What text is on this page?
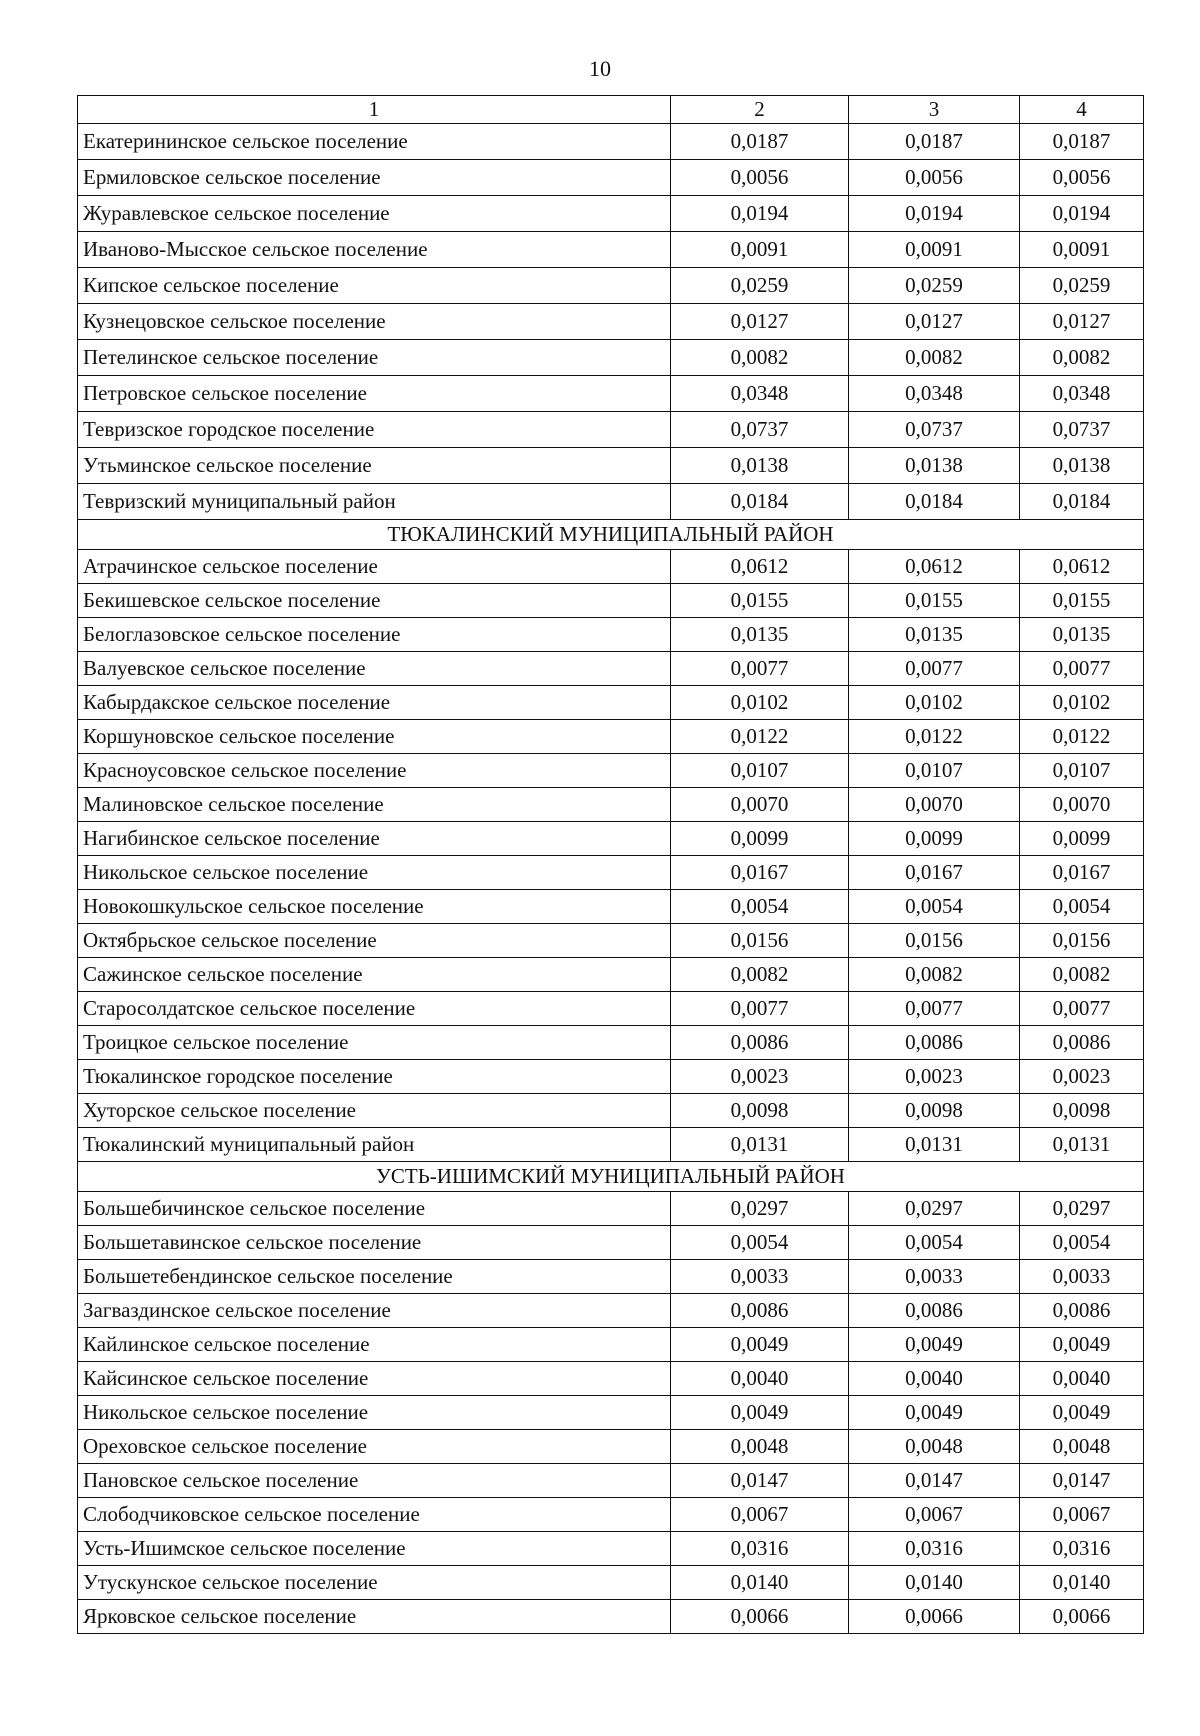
10
1	2	3	4
Екатерининское сельское поселение	0,0187	0,0187	0,0187
Ермиловское сельское поселение	0,0056	0,0056	0,0056
Журавлевское сельское поселение	0,0194	0,0194	0,0194
Иваново-Мысское сельское поселение	0,0091	0,0091	0,0091
Кипское сельское поселение	0,0259	0,0259	0,0259
Кузнецовское сельское поселение	0,0127	0,0127	0,0127
Петелинское сельское поселение	0,0082	0,0082	0,0082
Петровское сельское поселение	0,0348	0,0348	0,0348
Тевризское городское поселение	0,0737	0,0737	0,0737
Утьминское сельское поселение	0,0138	0,0138	0,0138
Тевризский муниципальный район	0,0184	0,0184	0,0184
ТЮКАЛИНСКИЙ МУНИЦИПАЛЬНЫЙ РАЙОН			
Атрачинское сельское поселение	0,0612	0,0612	0,0612
Бекишевское сельское поселение	0,0155	0,0155	0,0155
Белоглазовское сельское поселение	0,0135	0,0135	0,0135
Валуевское сельское поселение	0,0077	0,0077	0,0077
Кабырдакское сельское поселение	0,0102	0,0102	0,0102
Коршуновское сельское поселение	0,0122	0,0122	0,0122
Красноусовское сельское поселение	0,0107	0,0107	0,0107
Малиновское сельское поселение	0,0070	0,0070	0,0070
Нагибинское сельское поселение	0,0099	0,0099	0,0099
Никольское сельское поселение	0,0167	0,0167	0,0167
Новокошкульское сельское поселение	0,0054	0,0054	0,0054
Октябрьское сельское поселение	0,0156	0,0156	0,0156
Сажинское сельское поселение	0,0082	0,0082	0,0082
Старосолдатское сельское поселение	0,0077	0,0077	0,0077
Троицкое сельское поселение	0,0086	0,0086	0,0086
Тюкалинское городское поселение	0,0023	0,0023	0,0023
Хуторское сельское поселение	0,0098	0,0098	0,0098
Тюкалинский муниципальный район	0,0131	0,0131	0,0131
УСТЬ-ИШИМСКИЙ МУНИЦИПАЛЬНЫЙ РАЙОН			
Большебичинское сельское поселение	0,0297	0,0297	0,0297
Большетавинское сельское поселение	0,0054	0,0054	0,0054
Большетебендинское сельское поселение	0,0033	0,0033	0,0033
Загваздинское сельское поселение	0,0086	0,0086	0,0086
Кайлинское сельское поселение	0,0049	0,0049	0,0049
Кайсинское сельское поселение	0,0040	0,0040	0,0040
Никольское сельское поселение	0,0049	0,0049	0,0049
Ореховское сельское поселение	0,0048	0,0048	0,0048
Пановское сельское поселение	0,0147	0,0147	0,0147
Слободчиковское сельское поселение	0,0067	0,0067	0,0067
Усть-Ишимское сельское поселение	0,0316	0,0316	0,0316
Утускунское сельское поселение	0,0140	0,0140	0,0140
Ярковское сельское поселение	0,0066	0,0066	0,0066
